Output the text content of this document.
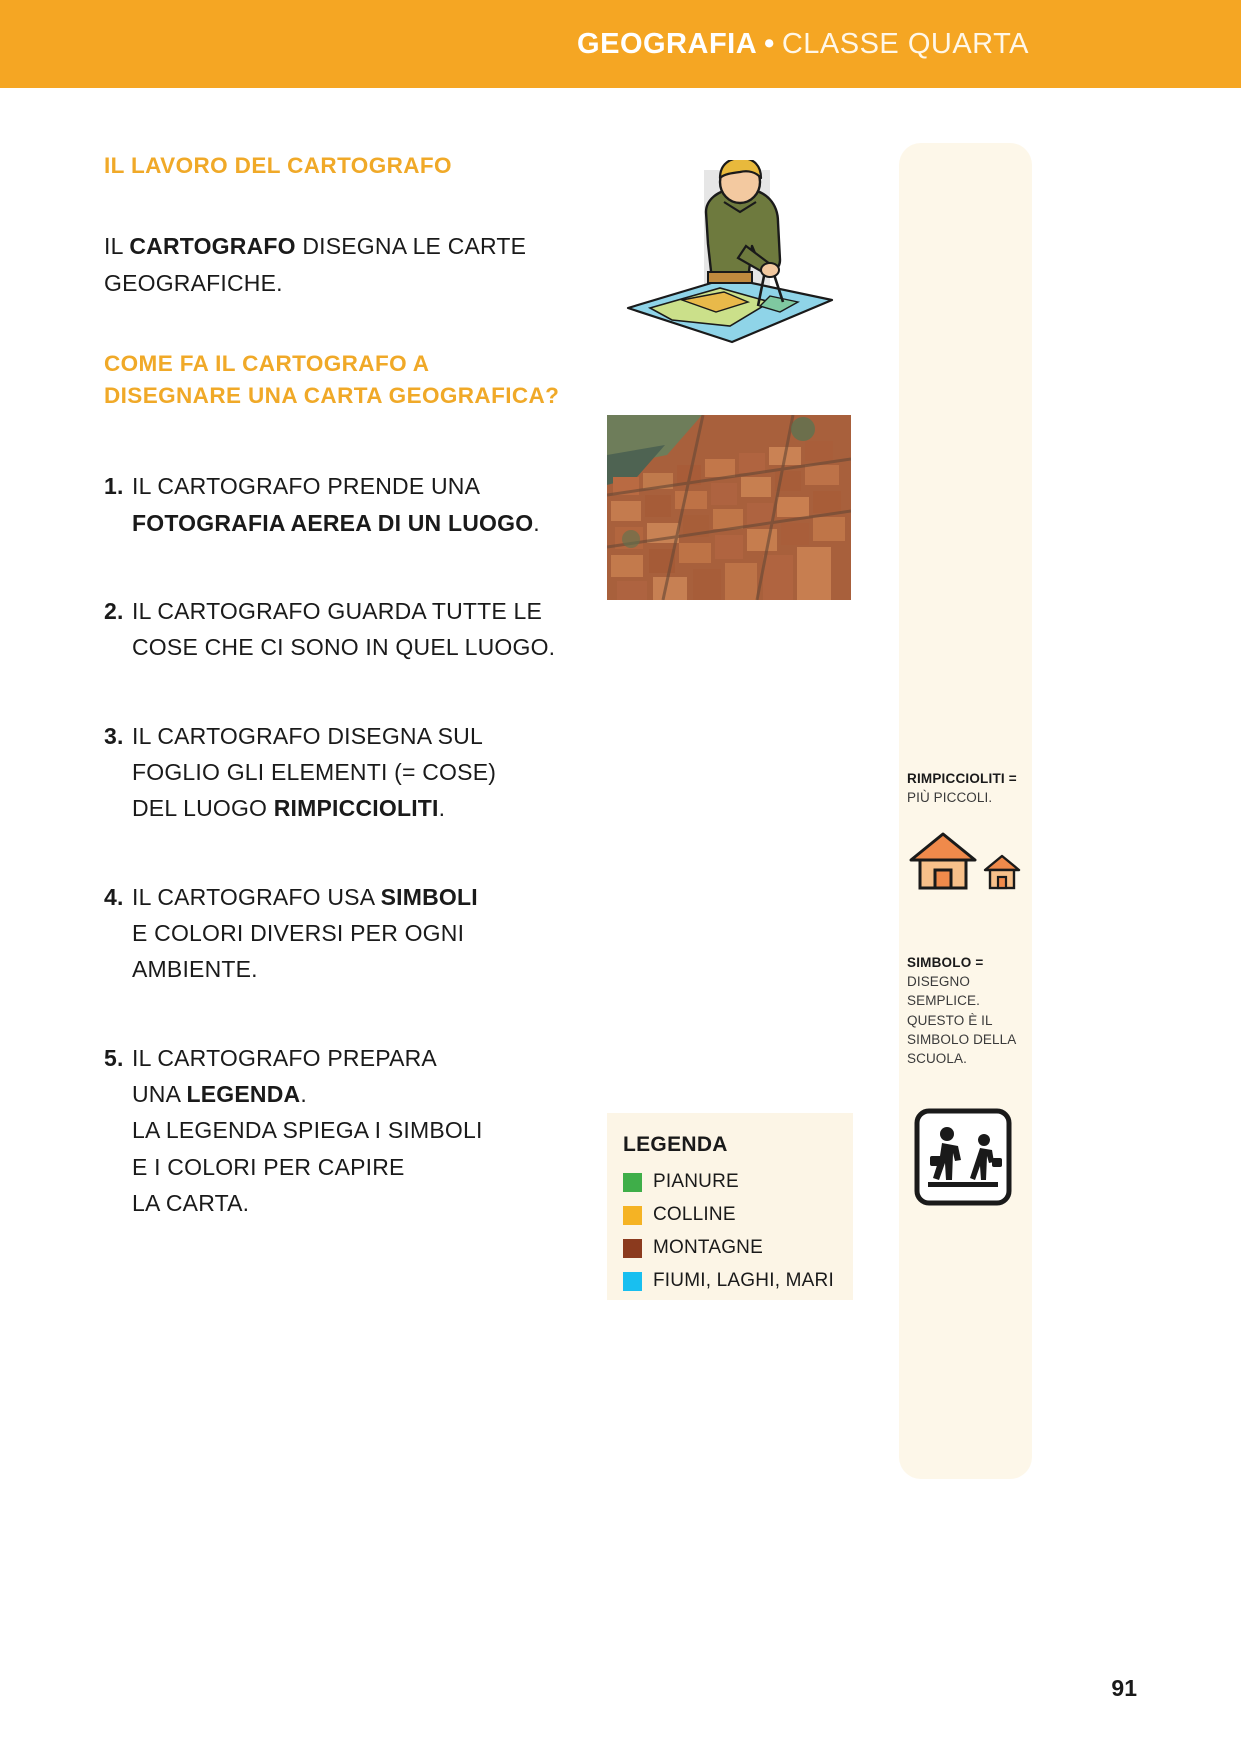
GEOGRAFIA • CLASSE QUARTA
IL LAVORO DEL CARTOGRAFO
IL CARTOGRAFO DISEGNA LE CARTE
GEOGRAFICHE.
COME FA IL CARTOGRAFO A
DISEGNARE UNA CARTA GEOGRAFICA?
1. IL CARTOGRAFO PRENDE UNA
FOTOGRAFIA AEREA DI UN LUOGO.
2. IL CARTOGRAFO GUARDA TUTTE LE
COSE CHE CI SONO IN QUEL LUOGO.
3. IL CARTOGRAFO DISEGNA SUL
FOGLIO GLI ELEMENTI (= COSE)
DEL LUOGO RIMPICCIOLITI.
4. IL CARTOGRAFO USA SIMBOLI
E COLORI DIVERSI PER OGNI
AMBIENTE.
5. IL CARTOGRAFO PREPARA
UNA LEGENDA.
LA LEGENDA SPIEGA I SIMBOLI
E I COLORI PER CAPIRE
LA CARTA.
LEGENDA
PIANURE
COLLINE
MONTAGNE
FIUMI, LAGHI, MARI
RIMPICCIOLITI =
PIÙ PICCOLI.
SIMBOLO =
DISEGNO SEMPLICE. QUESTO È IL SIMBOLO DELLA SCUOLA.
91
